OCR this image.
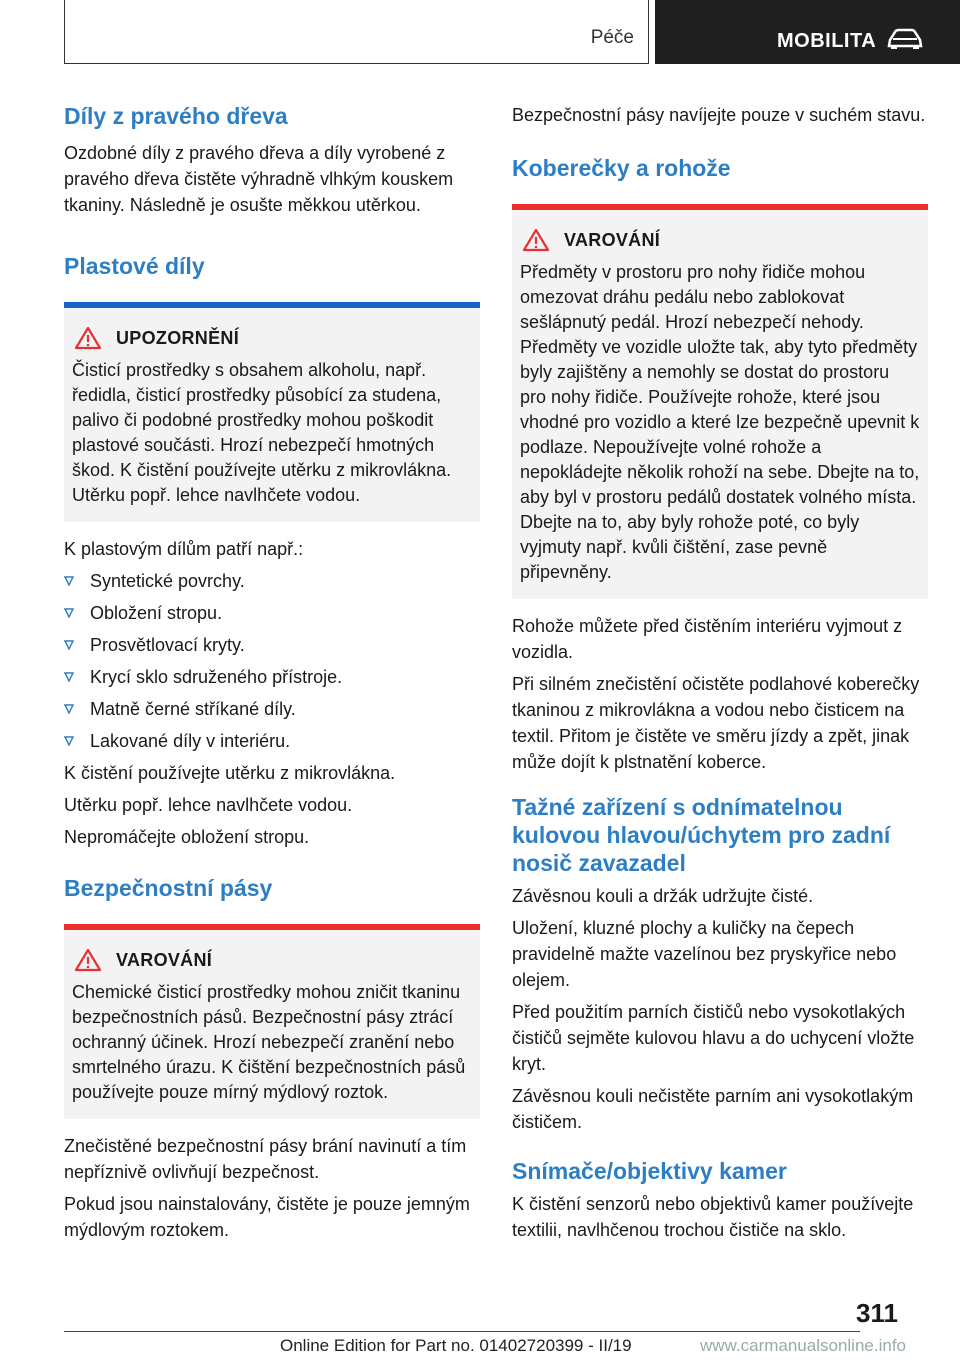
Péče	MOBILITA
Díly z pravého dřeva

Ozdobné díly z pravého dřeva a díly vyrobené z pravého dřeva čistěte výhradně vlhkým kouskem tkaniny. Následně je osušte měkkou utěrkou.

Plastové díly
UPOZORNĚNÍ

Čisticí prostředky s obsahem alkoholu, např. ředidla, čisticí prostředky působící za studena, palivo či podobné prostředky mohou poškodit plastové součásti. Hrozí nebezpečí hmotných škod. K čistění používejte utěrku z mikrovlákna. Utěrku popř. lehce navlhčete vodou.

K plastovým dílům patří např.:

Syntetické povrchy.
Obložení stropu.
Prosvětlovací kryty.
Krycí sklo sdruženého přístroje.
Matně černé stříkané díly.
Lakované díly v interiéru.

K čistění používejte utěrku z mikrovlákna.

Utěrku popř. lehce navlhčete vodou.

Nepromáčejte obložení stropu.

Bezpečnostní pásy
VAROVÁNÍ

Chemické čisticí prostředky mohou zničit tkaninu bezpečnostních pásů. Bezpečnostní pásy ztrácí ochranný účinek. Hrozí nebezpečí zranění nebo smrtelného úrazu. K čištění bezpečnostních pásů používejte pouze mírný mýdlový roztok.

Znečistěné bezpečnostní pásy brání navinutí a tím nepříznivě ovlivňují bezpečnost.

Pokud jsou nainstalovány, čistěte je pouze jemným mýdlovým roztokem.

Bezpečnostní pásy navíjejte pouze v suchém stavu.

Koberečky a rohože
VAROVÁNÍ

Předměty v prostoru pro nohy řidiče mohou omezovat dráhu pedálu nebo zablokovat sešlápnutý pedál. Hrozí nebezpečí nehody. Předměty ve vozidle uložte tak, aby tyto předměty byly zajištěny a nemohly se dostat do prostoru pro nohy řidiče. Používejte rohože, které jsou vhodné pro vozidlo a které lze bezpečně upevnit k podlaze. Nepoužívejte volné rohože a nepokládejte několik rohoží na sebe. Dbejte na to, aby byl v prostoru pedálů dostatek volného místa. Dbejte na to, aby byly rohože poté, co byly vyjmuty např. kvůli čištění, zase pevně připevněny.

Rohože můžete před čistěním interiéru vyjmout z vozidla.

Při silném znečistění očistěte podlahové koberečky tkaninou z mikrovlákna a vodou nebo čisticem na textil. Přitom je čistěte ve směru jízdy a zpět, jinak může dojít k plstnatění koberce.

Tažné zařízení s odnímatelnou kulovou hlavou/úchytem pro zadní nosič zavazadel

Závěsnou kouli a držák udržujte čisté.

Uložení, kluzné plochy a kuličky na čepech pravidelně mažte vazelínou bez pryskyřice nebo olejem.

Před použitím parních čističů nebo vysokotlakých čističů sejměte kulovou hlavu a do uchycení vložte kryt.

Závěsnou kouli nečistěte parním ani vysokotlakým čističem.

Snímače/objektivy kamer

K čistění senzorů nebo objektivů kamer používejte textilii, navlhčenou trochou čističe na sklo.

311
Online Edition for Part no. 01402720399 - II/19	www.carmanualsonline.info
